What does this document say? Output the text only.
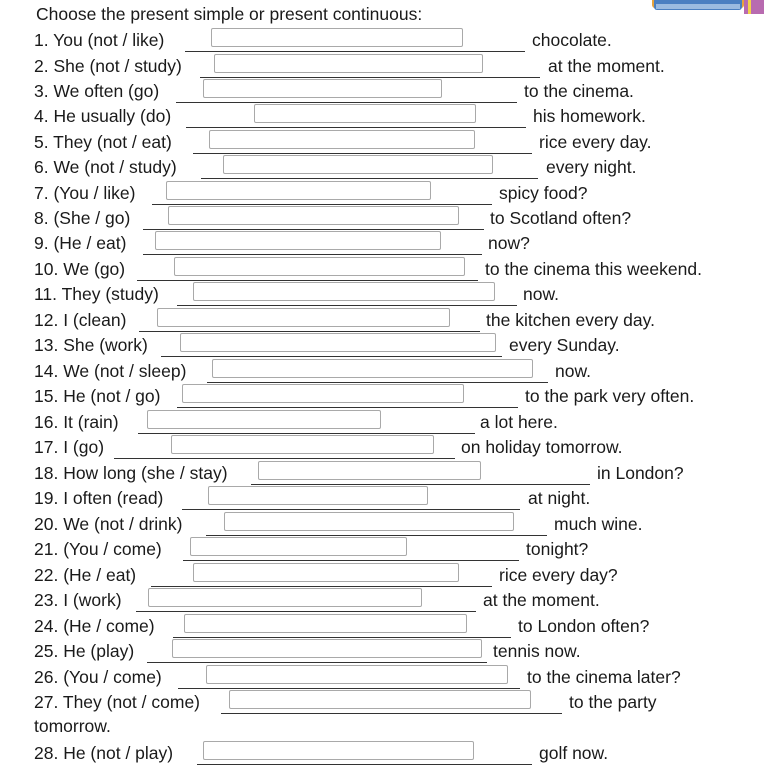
Choose the present simple or present continuous:
1. You (not / like)	chocolate.
2. She (not / study)	at the moment.
3. We often (go)	to the cinema.
4. He usually (do)	his homework.
5. They (not / eat)	rice every day.
6. We (not / study)	every night.
7. (You / like)	spicy food?
8. (She / go)	to Scotland often?
9. (He / eat)	now?
10. We (go)	to the cinema this weekend.
11. They (study)	now.
12. I (clean)	the kitchen every day.
13. She (work)	every Sunday.
14. We (not / sleep)	now.
15. He (not / go)	to the park very often.
16. It (rain)	a lot here.
17. I (go)	on holiday tomorrow.
18. How long (she / stay)	in London?
19. I often (read)	at night.
20. We (not / drink)	much wine.
21. (You / come)	tonight?
22. (He / eat)	rice every day?
23. I (work)	at the moment.
24. (He / come)	to London often?
25. He (play)	tennis now.
26. (You / come)	to the cinema later?
27. They (not / come)	to the party
28. He (not / play)	golf now.
tomorrow.
